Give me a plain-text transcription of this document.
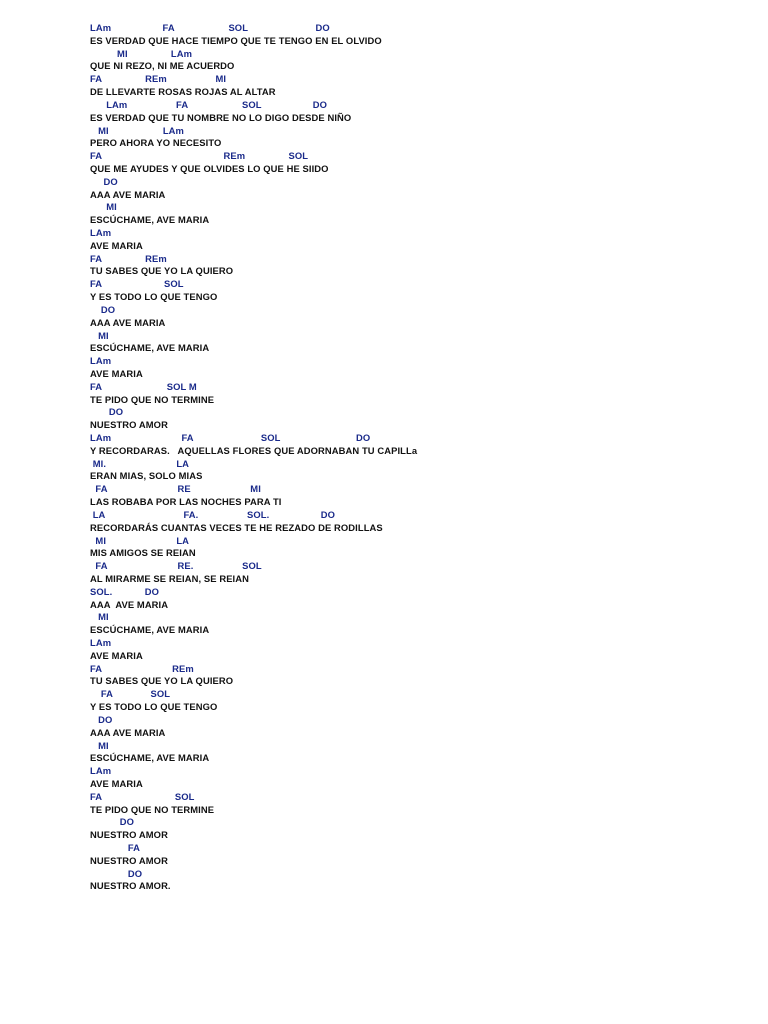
LAm                   FA                    SOL                         DO
ES VERDAD QUE HACE TIEMPO QUE TE TENGO EN EL OLVIDO
MI                LAm
QUE NI REZO, NI ME ACUERDO
FA                REm                  MI
DE LLEVARTE ROSAS ROJAS AL ALTAR
LAm                  FA                    SOL                   DO
ES VERDAD QUE TU NOMBRE NO LO DIGO DESDE NIÑO
MI                    LAm
PERO AHORA YO NECESITO
FA                                             REm                SOL
QUE ME AYUDES Y QUE OLVIDES LO QUE HE SIIDO
DO
AAA AVE MARIA
MI
ESCÚCHAME, AVE MARIA
LAm
AVE MARIA
FA                REm
TU SABES QUE YO LA QUIERO
FA                       SOL
Y ES TODO LO QUE TENGO
DO
AAA AVE MARIA
MI
ESCÚCHAME, AVE MARIA
LAm
AVE MARIA
FA                        SOL M
TE PIDO QUE NO TERMINE
DO
NUESTRO AMOR
LAm                          FA                         SOL                            DO
Y RECORDARAS.   AQUELLAS FLORES QUE ADORNABAN TU CAPILLa
MI.                          LA
ERAN MIAS, SOLO MIAS
FA                          RE                      MI
LAS ROBABA POR LAS NOCHES PARA TI
LA                             FA.                  SOL.                   DO
RECORDARÁS CUANTAS VECES TE HE REZADO DE RODILLAS
MI                          LA
MIS AMIGOS SE REIAN
FA                          RE.                  SOL
AL MIRARME SE REIAN, SE REIAN
SOL.            DO
AAA  AVE MARIA
MI
ESCÚCHAME, AVE MARIA
LAm
AVE MARIA
FA                          REm
TU SABES QUE YO LA QUIERO
FA              SOL
Y ES TODO LO QUE TENGO
DO
AAA AVE MARIA
MI
ESCÚCHAME, AVE MARIA
LAm
AVE MARIA
FA                           SOL
TE PIDO QUE NO TERMINE
DO
NUESTRO AMOR
FA
NUESTRO AMOR
DO
NUESTRO AMOR.
